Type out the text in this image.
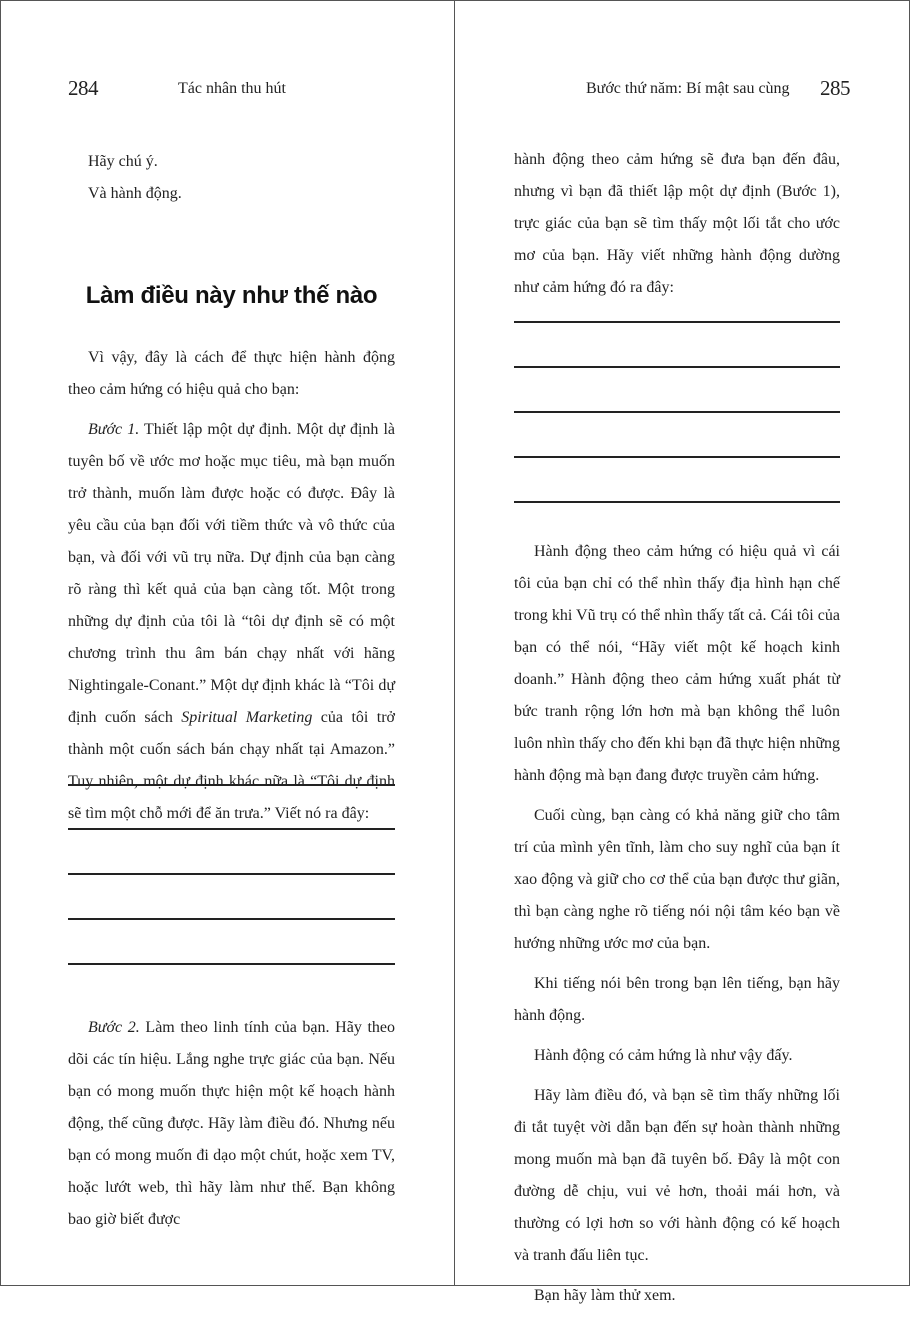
284	Tác nhân thu hút

Hãy chú ý.

Và hành động.

Làm điều này như thế nào

Vì vậy, đây là cách để thực hiện hành động theo cảm hứng có hiệu quả cho bạn:

Bước 1. Thiết lập một dự định. Một dự định là tuyên bố về ước mơ hoặc mục tiêu, mà bạn muốn trở thành, muốn làm được hoặc có được. Đây là yêu cầu của bạn đối với tiềm thức và vô thức của bạn, và đối với vũ trụ nữa. Dự định của bạn càng rõ ràng thì kết quả của bạn càng tốt. Một trong những dự định của tôi là “tôi dự định sẽ có một chương trình thu âm bán chạy nhất với hãng Nightingale-Conant.” Một dự định khác là “Tôi dự định cuốn sách Spiritual Marketing của tôi trở thành một cuốn sách bán chạy nhất tại Amazon.” Tuy nhiên, một dự định khác nữa là “Tôi dự định sẽ tìm một chỗ mới để ăn trưa.” Viết nó ra đây:

Bước 2. Làm theo linh tính của bạn. Hãy theo dõi các tín hiệu. Lắng nghe trực giác của bạn. Nếu bạn có mong muốn thực hiện một kế hoạch hành động, thế cũng được. Hãy làm điều đó. Nhưng nếu bạn có mong muốn đi dạo một chút, hoặc xem TV, hoặc lướt web, thì hãy làm như thế. Bạn không bao giờ biết được

Bước thứ năm: Bí mật sau cùng 285

hành động theo cảm hứng sẽ đưa bạn đến đâu, nhưng vì bạn đã thiết lập một dự định (Bước 1), trực giác của bạn sẽ tìm thấy một lối tắt cho ước mơ của bạn. Hãy viết những hành động dường như cảm hứng đó ra đây:

Hành động theo cảm hứng có hiệu quả vì cái tôi của bạn chỉ có thể nhìn thấy địa hình hạn chế trong khi Vũ trụ có thể nhìn thấy tất cả. Cái tôi của bạn có thể nói, “Hãy viết một kế hoạch kinh doanh.” Hành động theo cảm hứng xuất phát từ bức tranh rộng lớn hơn mà bạn không thể luôn luôn nhìn thấy cho đến khi bạn đã thực hiện những hành động mà bạn đang được truyền cảm hứng.

Cuối cùng, bạn càng có khả năng giữ cho tâm trí của mình yên tĩnh, làm cho suy nghĩ của bạn ít xao động và giữ cho cơ thể của bạn được thư giãn, thì bạn càng nghe rõ tiếng nói nội tâm kéo bạn về hướng những ước mơ của bạn.

Khi tiếng nói bên trong bạn lên tiếng, bạn hãy hành động.

Hành động có cảm hứng là như vậy đấy.

Hãy làm điều đó, và bạn sẽ tìm thấy những lối đi tắt tuyệt vời dẫn bạn đến sự hoàn thành những mong muốn mà bạn đã tuyên bố. Đây là một con đường dễ chịu, vui vẻ hơn, thoải mái hơn, và thường có lợi hơn so với hành động có kế hoạch và tranh đấu liên tục.

Bạn hãy làm thử xem.
